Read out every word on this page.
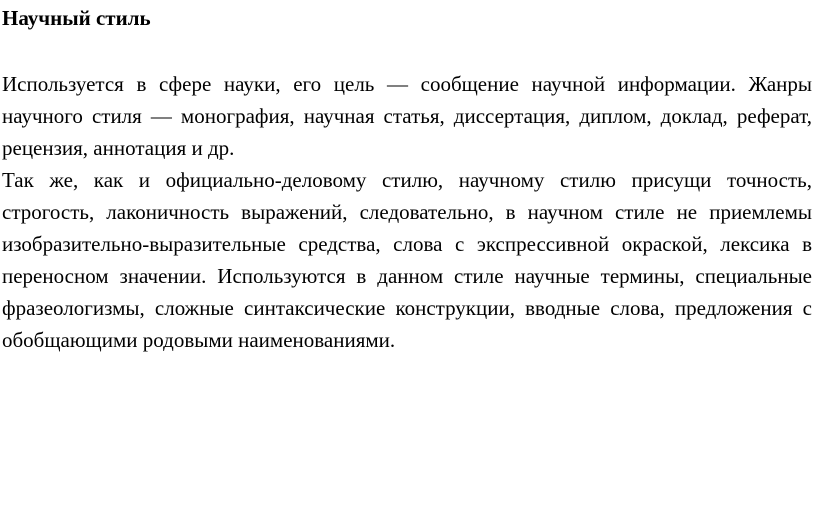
Научный стиль

Используется в сфере науки, его цель — сообщение научной информации. Жанры научного стиля — монография, научная статья, диссертация, диплом, доклад, реферат, рецензия, аннотация и др.

Так же, как и официально-деловому стилю, научному стилю присущи точность, строгость, лаконичность выражений, следовательно, в научном стиле не приемлемы изобразительно-выразительные средства, слова с экспрессивной окраской, лексика в переносном значении. Используются в данном стиле научные термины, специальные фразеологизмы, сложные синтаксические конструкции, вводные слова, предложения с обобщающими родовыми наименованиями.
